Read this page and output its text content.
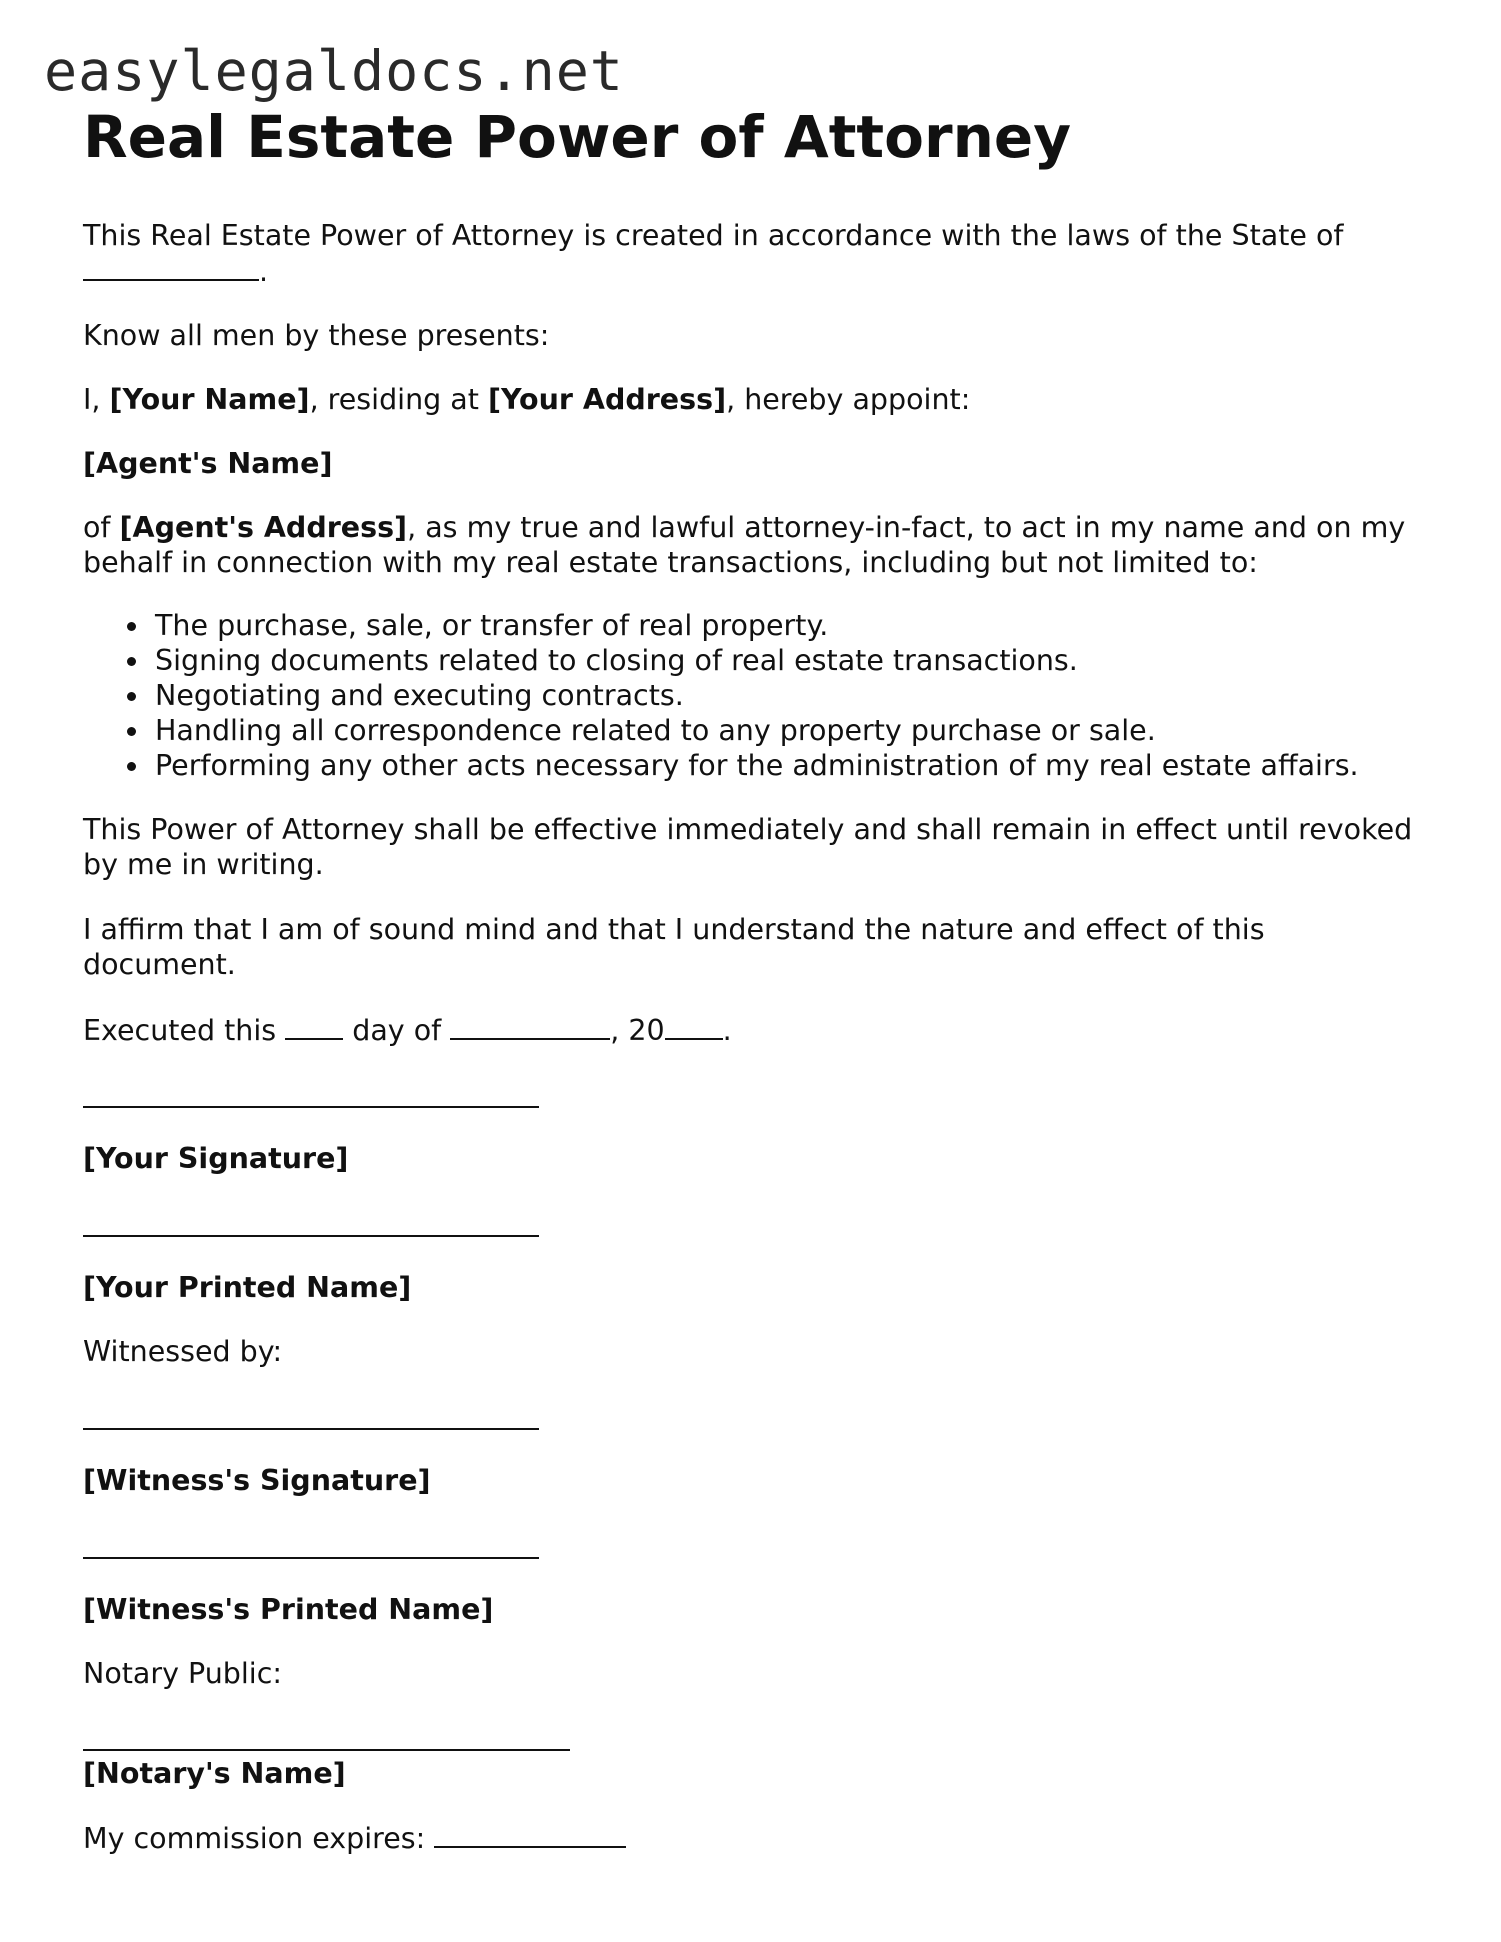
easylegaldocs.net
Real Estate Power of Attorney

This Real Estate Power of Attorney is created in accordance with the laws of the State of
.

Know all men by these presents:

I, [Your Name], residing at [Your Address], hereby appoint:

[Agent's Name]

of [Agent's Address], as my true and lawful attorney-in-fact, to act in my name and on my behalf in connection with my real estate transactions, including but not limited to:

The purchase, sale, or transfer of real property.
Signing documents related to closing of real estate transactions.
Negotiating and executing contracts.
Handling all correspondence related to any property purchase or sale.
Performing any other acts necessary for the administration of my real estate affairs.

This Power of Attorney shall be effective immediately and shall remain in effect until revoked by me in writing.

I affirm that I am of sound mind and that I understand the nature and effect of this document.

Executed this  day of	, 20 .

[Your Signature]

[Your Printed Name]

Witnessed by:

[Witness's Signature]

[Witness's Printed Name]

Notary Public:

[Notary's Name]

My commission expires:
